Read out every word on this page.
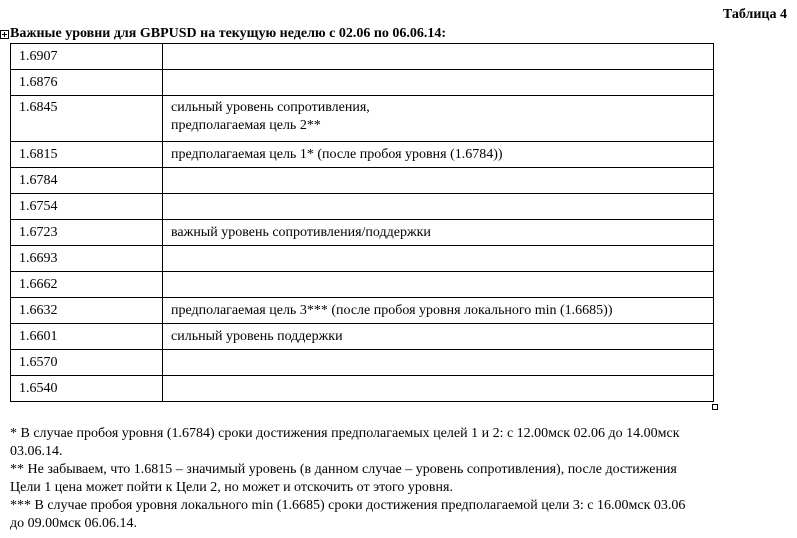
Таблица 4
Важные уровни для GBPUSD на текущую неделю с 02.06 по 06.06.14:
1.6907	
1.6876	
1.6845	сильный уровень сопротивления,
предполагаемая цель 2**

1.6815	предполагаемая цель 1* (после пробоя уровня (1.6784))
1.6784	
1.6754	
1.6723	важный уровень сопротивления/поддержки
1.6693	
1.6662	
1.6632	предполагаемая цель 3*** (после пробоя уровня локального min (1.6685))
1.6601	сильный уровень поддержки
1.6570	
1.6540	

* В случае пробоя уровня (1.6784) сроки достижения предполагаемых целей 1 и 2: с 12.00мск 02.06 до 14.00мск
03.06.14.

** Не забываем, что 1.6815 – значимый уровень (в данном случае – уровень сопротивления), после достижения
Цели 1 цена может пойти к Цели 2, но может и отскочить от этого уровня.

*** В случае пробоя уровня локального min (1.6685) сроки достижения предполагаемой цели 3: с 16.00мск 03.06
до 09.00мск 06.06.14.
